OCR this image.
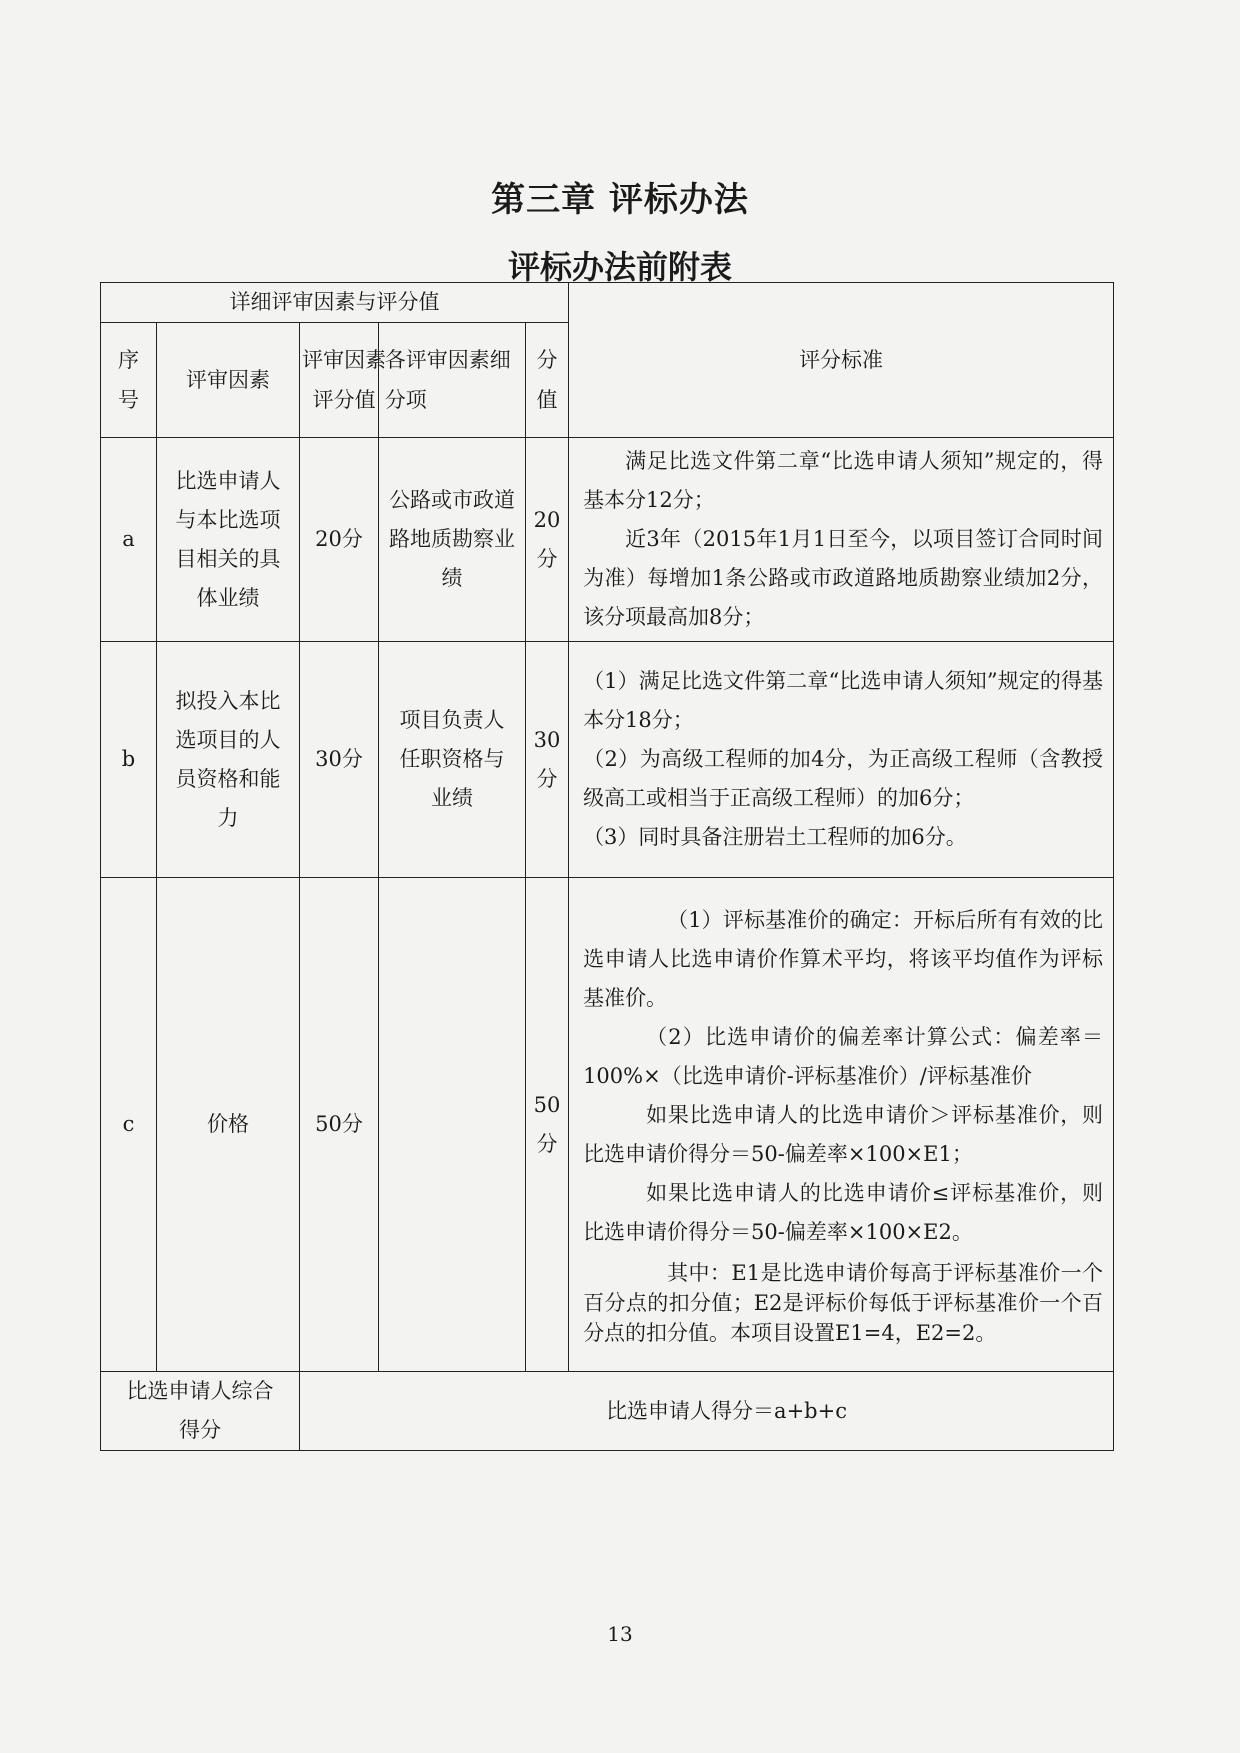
第三章 评标办法
评标办法前附表
详细评审因素与评分值					评分标准

序号	评审因素	评审因素评分值	各评审因素细分项	分值	

a	比选申请人与本比选项目相关的具体业绩	20分	公路或市政道路地质勘察业绩	20分	满足比选文件第二章“比选申请人须知”规定的，得基本分12分；

近3年（2015年1月1日至今，以项目签订合同时间为准）每增加1条公路或市政道路地质勘察业绩加2分，该分项最高加8分；

b	拟投入本比选项目的人员资格和能力	30分	项目负责人任职资格与业绩	30分	（1）满足比选文件第二章“比选申请人须知”规定的得基本分18分；

（2）为高级工程师的加4分，为正高级工程师（含教授级高工或相当于正高级工程师）的加6分；

（3）同时具备注册岩土工程师的加6分。

c	价格	50分		50分	（1）评标基准价的确定：开标后所有有效的比选申请人比选申请价作算术平均，将该平均值作为评标基准价。

（2）比选申请价的偏差率计算公式：偏差率＝100%×（比选申请价-评标基准价）/评标基准价

如果比选申请人的比选申请价＞评标基准价，则比选申请价得分＝50-偏差率×100×E1；

如果比选申请人的比选申请价≤评标基准价，则比选申请价得分＝50-偏差率×100×E2。

其中：E1是比选申请价每高于评标基准价一个百分点的扣分值；E2是评标价每低于评标基准价一个百分点的扣分值。本项目设置E1=4，E2=2。

比选申请人综合得分		比选申请人得分＝a+b+c			
13
